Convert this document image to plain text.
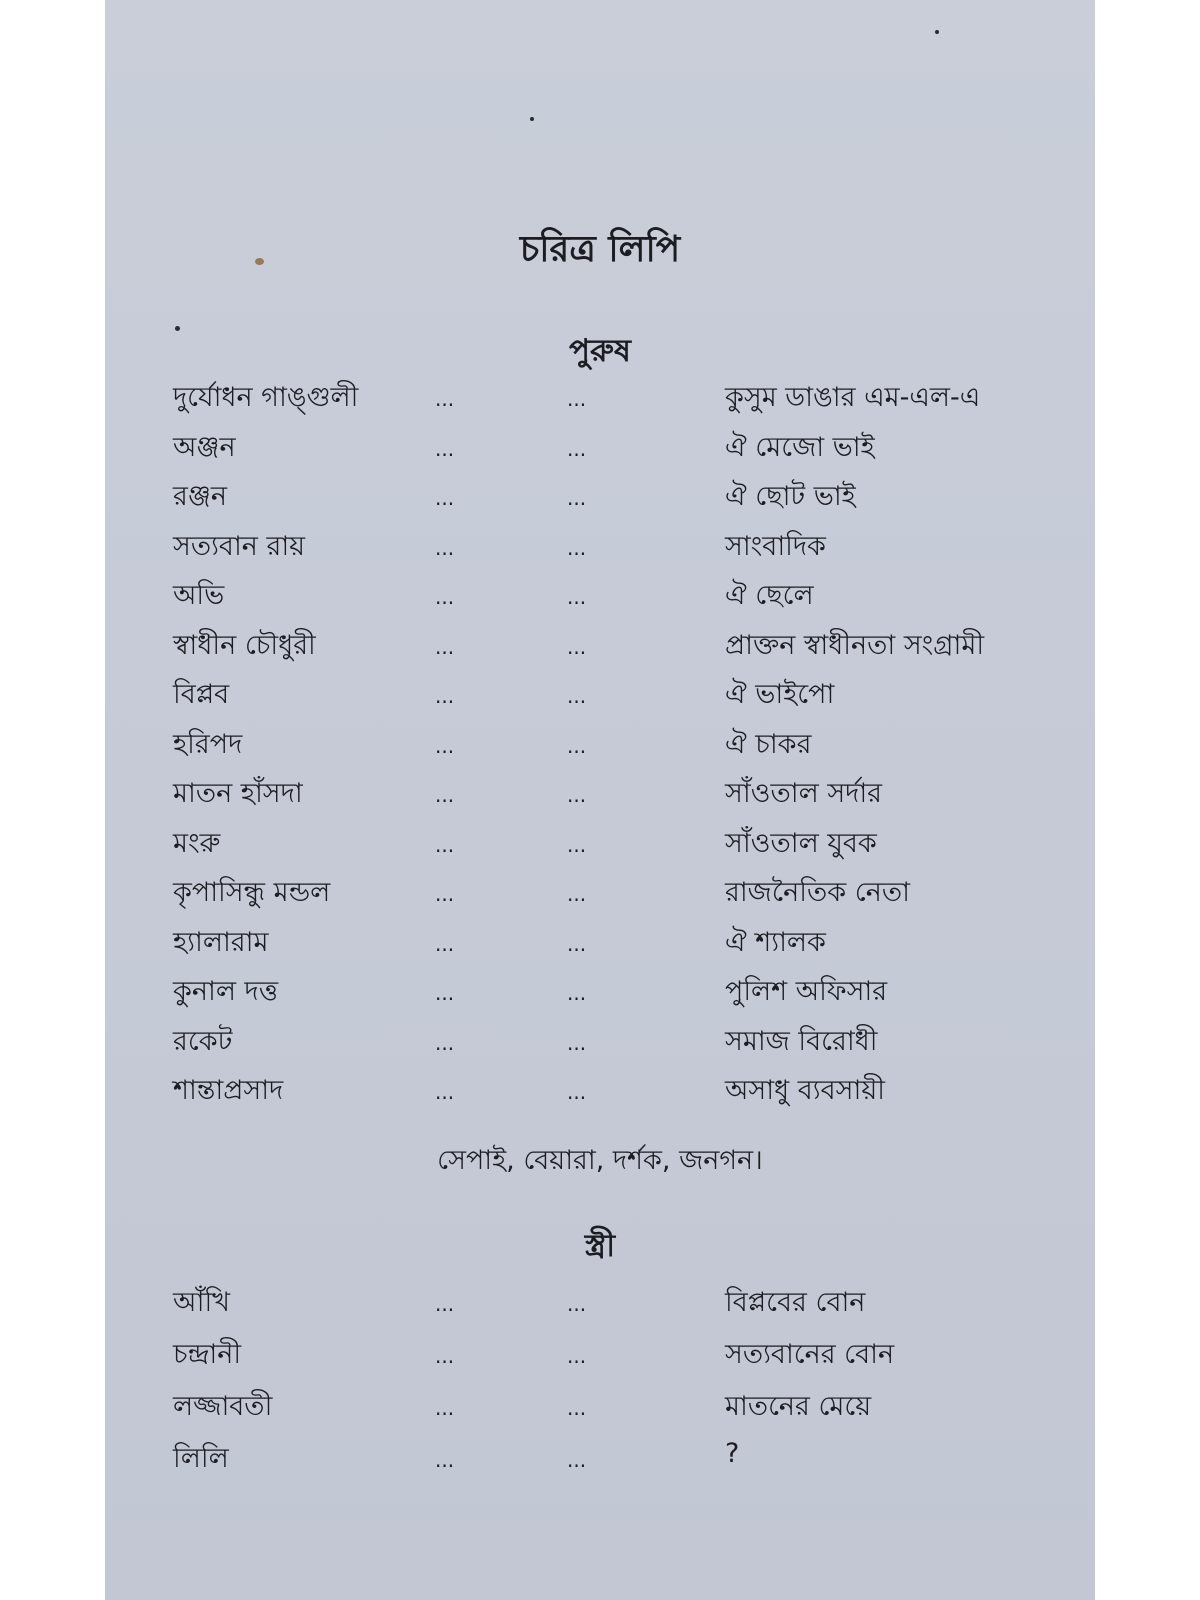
চরিত্র লিপি
পুরুষ
দুর্যোধন গাঙ্গুলী	...	...	কুসুম ডাঙার এম-এল-এ
অঞ্জন	...	...	ঐ মেজো ভাই
রঞ্জন	...	...	ঐ ছোট ভাই
সত্যবান রায়	...	...	সাংবাদিক
অভি	...	...	ঐ ছেলে
স্বাধীন চৌধুরী	...	...	প্রাক্তন স্বাধীনতা সংগ্রামী
বিপ্লব	...	...	ঐ ভাইপো
হরিপদ	...	...	ঐ চাকর
মাতন হাঁসদা	...	...	সাঁওতাল সর্দার
মংরু	...	...	সাঁওতাল যুবক
কৃপাসিন্ধু মন্ডল	...	...	রাজনৈতিক নেতা
হ্যালারাম	...	...	ঐ শ্যালক
কুনাল দত্ত	...	...	পুলিশ অফিসার
রকেট	...	...	সমাজ বিরোধী
শান্তাপ্রসাদ	...	...	অসাধু ব্যবসায়ী
সেপাই, বেয়ারা, দর্শক, জনগন।
স্ত্রী
আঁখি	...	...	বিপ্লবের বোন
চন্দ্রানী	...	...	সত্যবানের বোন
লজ্জাবতী	...	...	মাতনের মেয়ে
লিলি	...	...	?
